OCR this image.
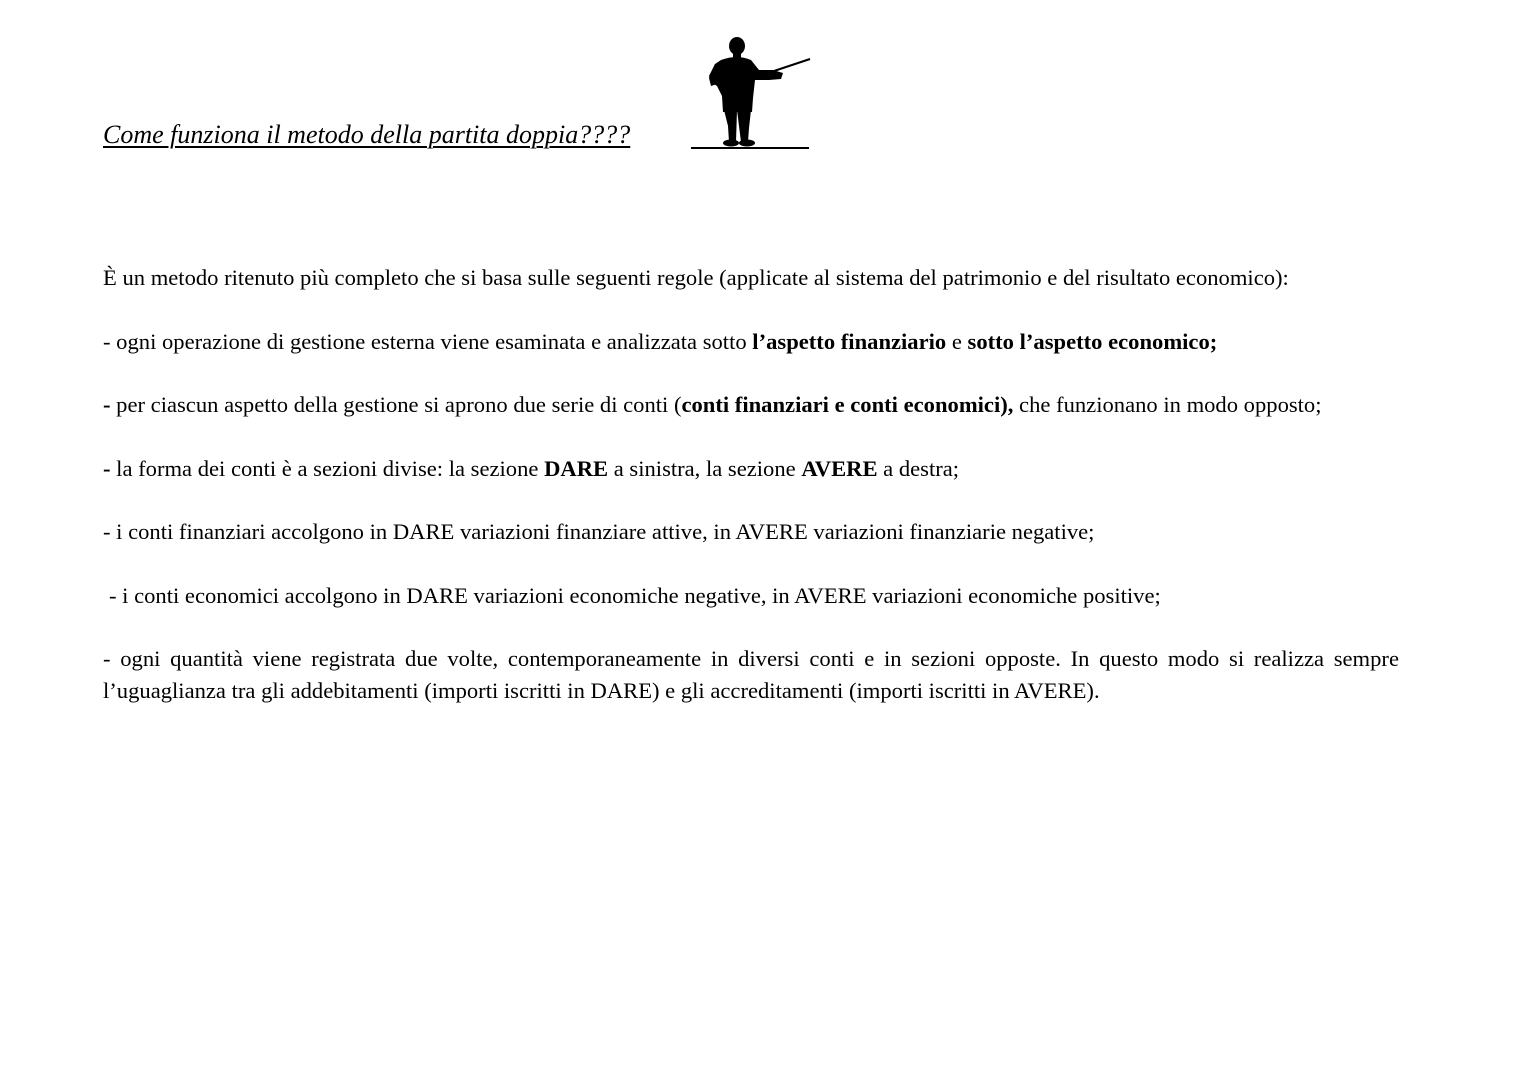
Come funziona il metodo della partita doppia????

È un metodo ritenuto più completo che si basa sulle seguenti regole (applicate al sistema del patrimonio e del risultato economico):

- ogni operazione di gestione esterna viene esaminata e analizzata sotto l’aspetto finanziario e sotto l’aspetto economico;

- per ciascun aspetto della gestione si aprono due serie di conti (conti finanziari e conti economici), che funzionano in modo opposto;

- la forma dei conti è a sezioni divise: la sezione DARE a sinistra, la sezione AVERE a destra;

- i conti finanziari accolgono in DARE variazioni finanziare attive, in AVERE variazioni finanziarie negative;

- i conti economici accolgono in DARE variazioni economiche negative, in AVERE variazioni economiche positive;

- ogni quantità viene registrata due volte, contemporaneamente in diversi conti e in sezioni opposte. In questo modo si realizza sempre l’uguaglianza tra gli addebitamenti (importi iscritti in DARE) e gli accreditamenti (importi iscritti in AVERE).
